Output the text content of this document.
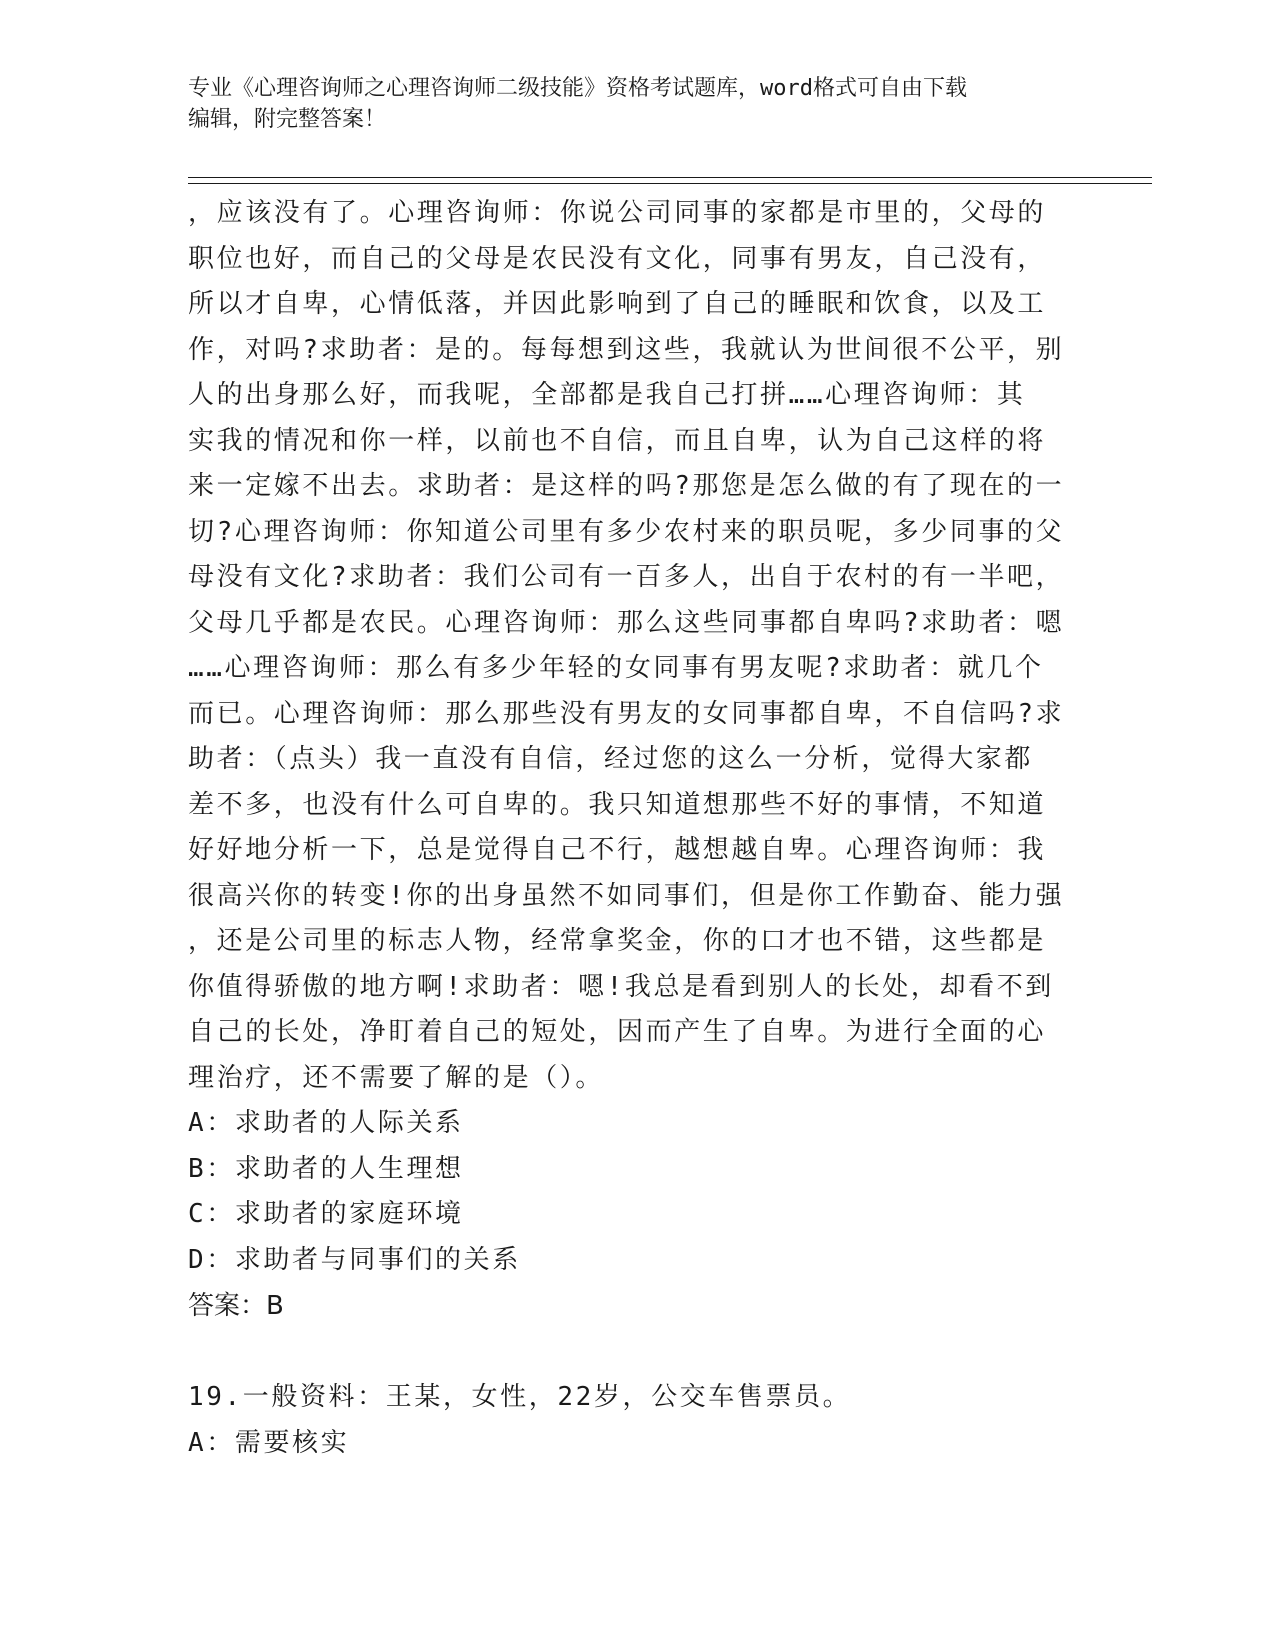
专业《心理咨询师之心理咨询师二级技能》资格考试题库，word格式可自由下载

编辑，附完整答案！

，应该没有了。心理咨询师：你说公司同事的家都是市里的，父母的

职位也好，而自己的父母是农民没有文化，同事有男友，自己没有，

所以才自卑，心情低落，并因此影响到了自己的睡眠和饮食，以及工

作，对吗?求助者：是的。每每想到这些，我就认为世间很不公平，别

人的出身那么好，而我呢，全部都是我自己打拼……心理咨询师：其

实我的情况和你一样，以前也不自信，而且自卑，认为自己这样的将

来一定嫁不出去。求助者：是这样的吗?那您是怎么做的有了现在的一

切?心理咨询师：你知道公司里有多少农村来的职员呢，多少同事的父

母没有文化?求助者：我们公司有一百多人，出自于农村的有一半吧，

父母几乎都是农民。心理咨询师：那么这些同事都自卑吗?求助者：嗯

……心理咨询师：那么有多少年轻的女同事有男友呢?求助者：就几个

而已。心理咨询师：那么那些没有男友的女同事都自卑，不自信吗?求

助者：（点头）我一直没有自信，经过您的这么一分析，觉得大家都

差不多，也没有什么可自卑的。我只知道想那些不好的事情，不知道

好好地分析一下，总是觉得自己不行，越想越自卑。心理咨询师：我

很高兴你的转变!你的出身虽然不如同事们，但是你工作勤奋、能力强

，还是公司里的标志人物，经常拿奖金，你的口才也不错，这些都是

你值得骄傲的地方啊!求助者：嗯!我总是看到别人的长处，却看不到

自己的长处，净盯着自己的短处，因而产生了自卑。为进行全面的心

理治疗，还不需要了解的是（）。

A：求助者的人际关系

B：求助者的人生理想

C：求助者的家庭环境

D：求助者与同事们的关系

答案：B

19.一般资料：王某，女性，22岁，公交车售票员。

A：需要核实
